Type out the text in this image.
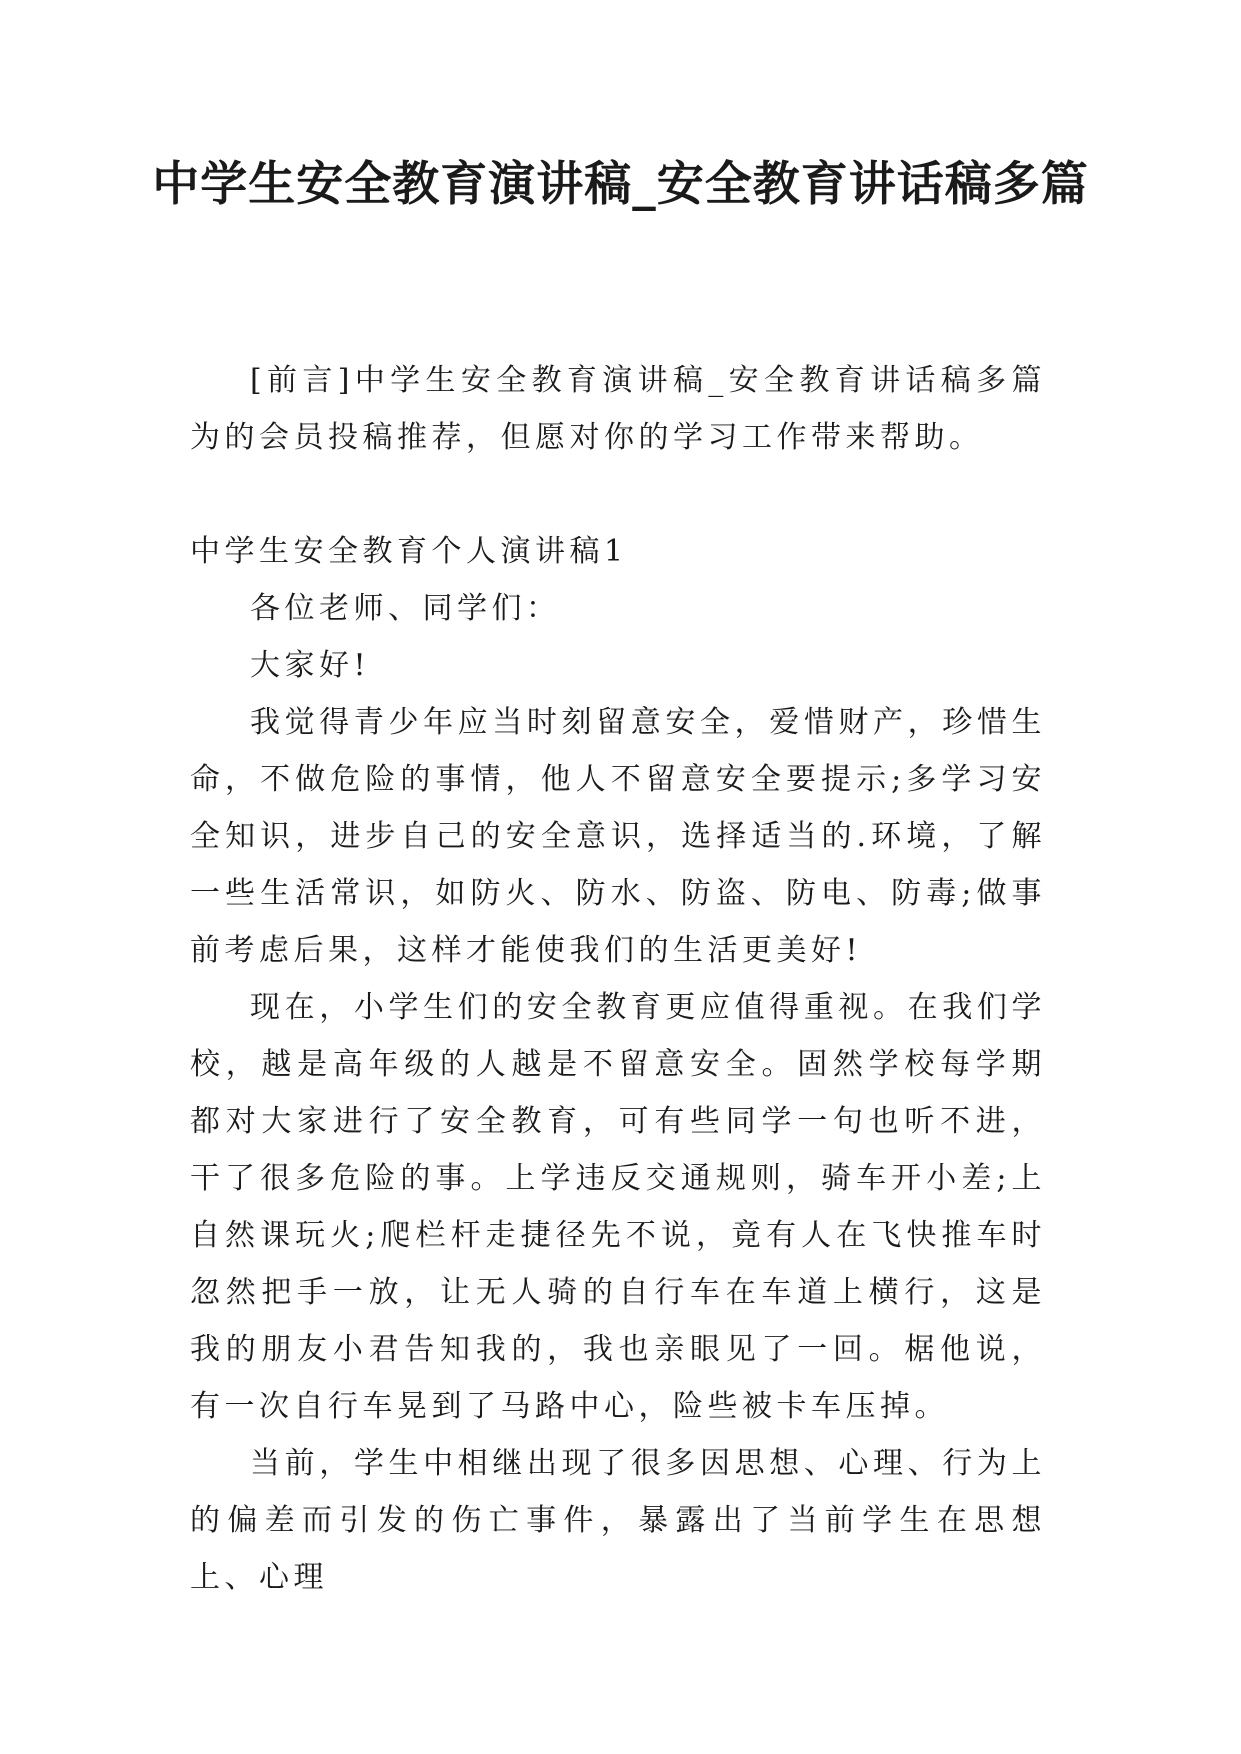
中学生安全教育演讲稿_安全教育讲话稿多篇

[前言]中学生安全教育演讲稿_安全教育讲话稿多篇为的会员投稿推荐，但愿对你的学习工作带来帮助。

中学生安全教育个人演讲稿1

各位老师、同学们：

大家好!

我觉得青少年应当时刻留意安全，爱惜财产，珍惜生命，不做危险的事情，他人不留意安全要提示;多学习安全知识，进步自己的安全意识，选择适当的.环境，了解一些生活常识，如防火、防水、防盗、防电、防毒;做事前考虑后果，这样才能使我们的生活更美好!

现在，小学生们的安全教育更应值得重视。在我们学校，越是高年级的人越是不留意安全。固然学校每学期都对大家进行了安全教育，可有些同学一句也听不进，干了很多危险的事。上学违反交通规则，骑车开小差;上自然课玩火;爬栏杆走捷径先不说，竟有人在飞快推车时忽然把手一放，让无人骑的自行车在车道上横行，这是我的朋友小君告知我的，我也亲眼见了一回。椐他说，有一次自行车晃到了马路中心，险些被卡车压掉。

当前，学生中相继出现了很多因思想、心理、行为上的偏差而引发的伤亡事件，暴露出了当前学生在思想上、心理
